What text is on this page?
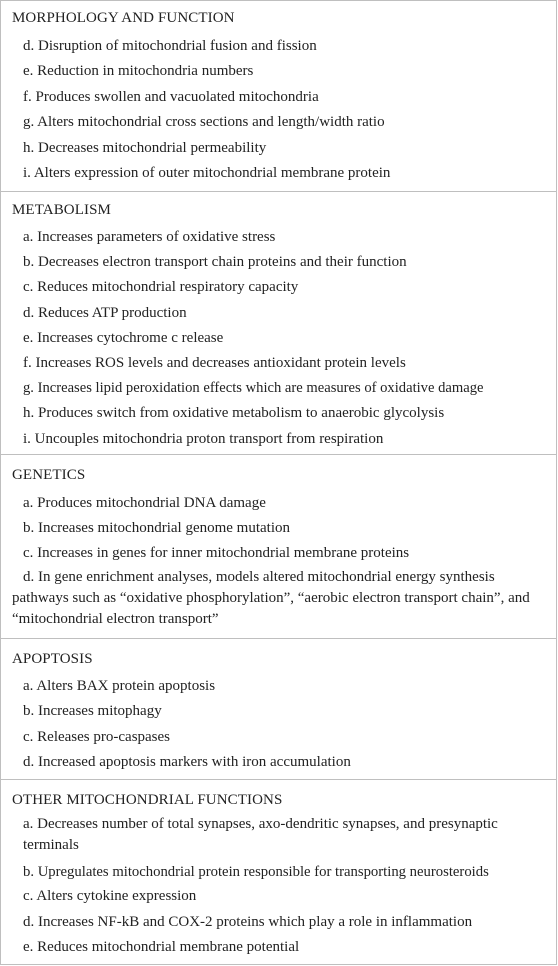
MORPHOLOGY AND FUNCTION
d. Disruption of mitochondrial fusion and fission
e. Reduction in mitochondria numbers
f. Produces swollen and vacuolated mitochondria
g. Alters mitochondrial cross sections and length/width ratio
h. Decreases mitochondrial permeability
i. Alters expression of outer mitochondrial membrane protein
METABOLISM
a. Increases parameters of oxidative stress
b. Decreases electron transport chain proteins and their function
c. Reduces mitochondrial respiratory capacity
d. Reduces ATP production
e. Increases cytochrome c release
f. Increases ROS levels and decreases antioxidant protein levels
g. Increases lipid peroxidation effects which are measures of oxidative damage
h. Produces switch from oxidative metabolism to anaerobic glycolysis
i. Uncouples mitochondria proton transport from respiration
GENETICS
a. Produces mitochondrial DNA damage
b. Increases mitochondrial genome mutation
c. Increases in genes for inner mitochondrial membrane proteins
d. In gene enrichment analyses, models altered mitochondrial energy synthesis pathways such as “oxidative phosphorylation”, “aerobic electron transport chain”, and “mitochondrial electron transport”
APOPTOSIS
a. Alters BAX protein apoptosis
b. Increases mitophagy
c. Releases pro-caspases
d. Increased apoptosis markers with iron accumulation
OTHER MITOCHONDRIAL FUNCTIONS
a. Decreases number of total synapses, axo-dendritic synapses, and presynaptic terminals
b. Upregulates mitochondrial protein responsible for transporting neurosteroids
c. Alters cytokine expression
d. Increases NF-kB and COX-2 proteins which play a role in inflammation
e. Reduces mitochondrial membrane potential
